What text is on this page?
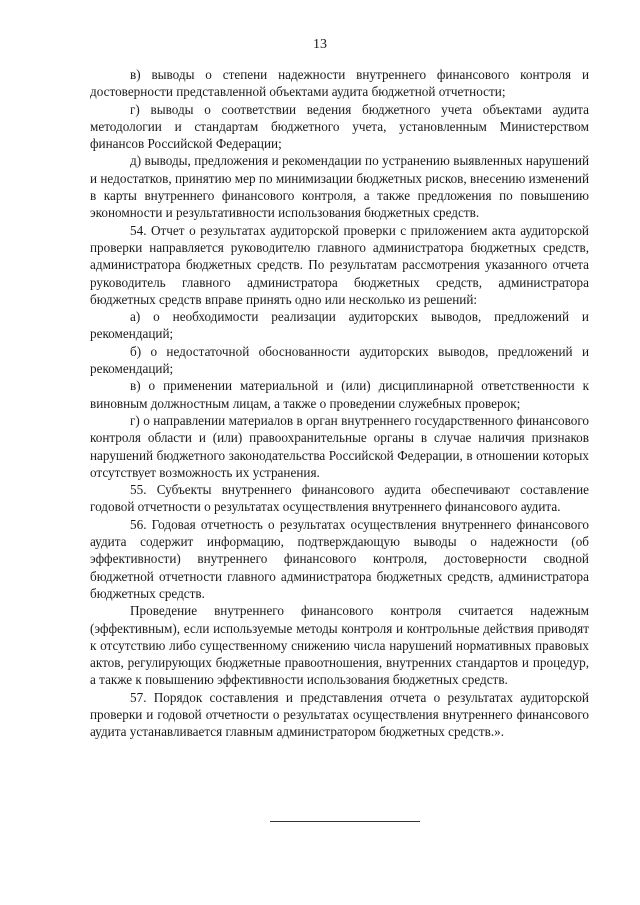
13

в) выводы о степени надежности внутреннего финансового контроля и достоверности представленной объектами аудита бюджетной отчетности;

г) выводы о соответствии ведения бюджетного учета объектами аудита методологии и стандартам бюджетного учета, установленным Министерством финансов Российской Федерации;

д) выводы, предложения и рекомендации по устранению выявленных нарушений и недостатков, принятию мер по минимизации бюджетных рисков, внесению изменений в карты внутреннего финансового контроля, а также предложения по повышению экономности и результативности использования бюджетных средств.

54. Отчет о результатах аудиторской проверки с приложением акта аудиторской проверки направляется руководителю главного администратора бюджетных средств, администратора бюджетных средств. По результатам рассмотрения указанного отчета руководитель главного администратора бюджетных средств, администратора бюджетных средств вправе принять одно или несколько из решений:

а) о необходимости реализации аудиторских выводов, предложений и рекомендаций;

б) о недостаточной обоснованности аудиторских выводов, предложений и рекомендаций;

в) о применении материальной и (или) дисциплинарной ответственности к виновным должностным лицам, а также о проведении служебных проверок;

г) о направлении материалов в орган внутреннего государственного финансового контроля области и (или) правоохранительные органы в случае наличия признаков нарушений бюджетного законодательства Российской Федерации, в отношении которых отсутствует возможность их устранения.

55. Субъекты внутреннего финансового аудита обеспечивают составление годовой отчетности о результатах осуществления внутреннего финансового аудита.

56. Годовая отчетность о результатах осуществления внутреннего финансового аудита содержит информацию, подтверждающую выводы о надежности (об эффективности) внутреннего финансового контроля, достоверности сводной бюджетной отчетности главного администратора бюджетных средств, администратора бюджетных средств.

Проведение внутреннего финансового контроля считается надежным (эффективным), если используемые методы контроля и контрольные действия приводят к отсутствию либо существенному снижению числа нарушений нормативных правовых актов, регулирующих бюджетные правоотношения, внутренних стандартов и процедур, а также к повышению эффективности использования бюджетных средств.

57. Порядок составления и представления отчета о результатах аудиторской проверки и годовой отчетности о результатах осуществления внутреннего финансового аудита устанавливается главным администратором бюджетных средств.».
